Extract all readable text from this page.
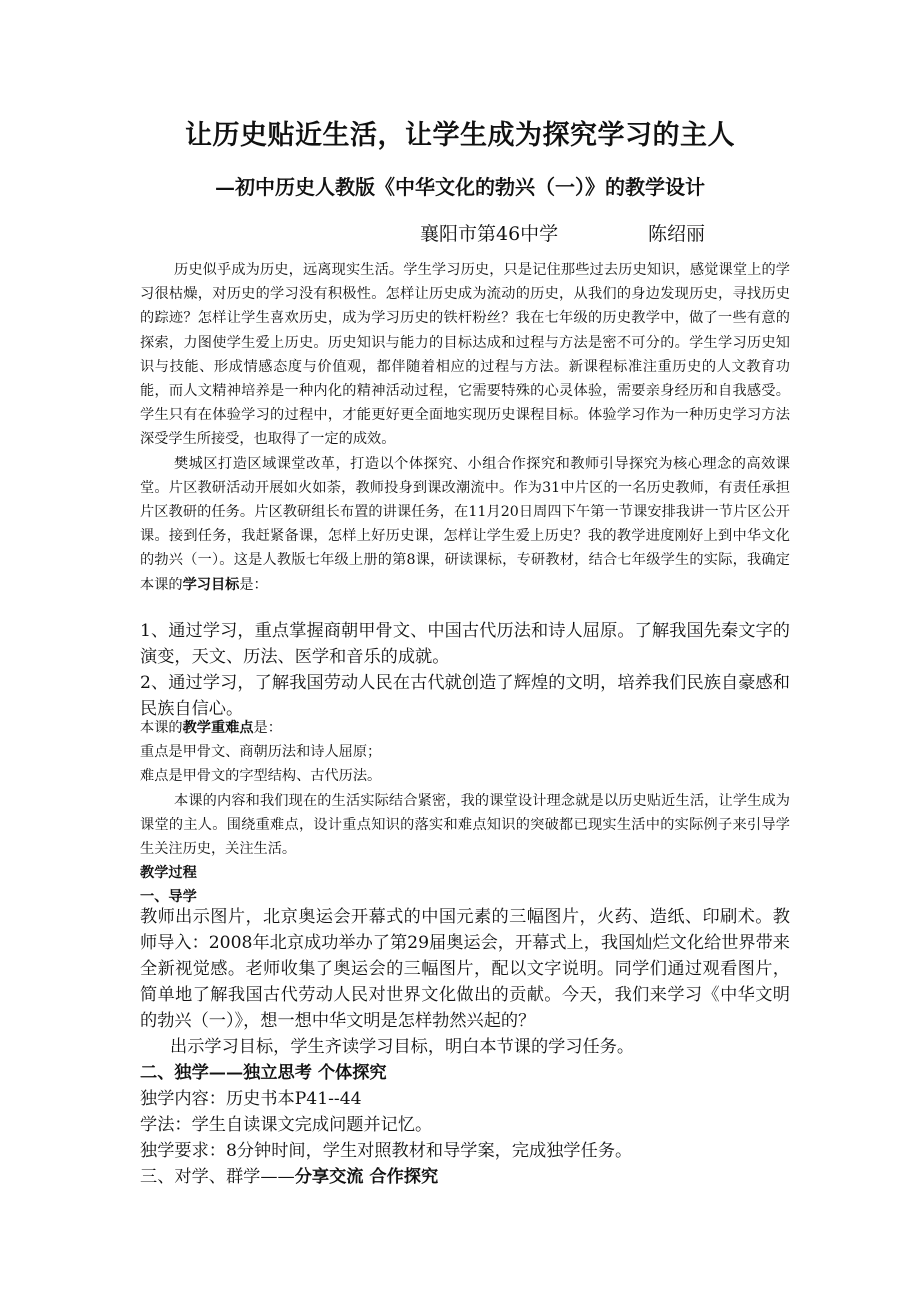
让历史贴近生活，让学生成为探究学习的主人
—初中历史人教版《中华文化的勃兴（一）》的教学设计
襄阳市第46中学	陈绍丽

历史似乎成为历史，远离现实生活。学生学习历史，只是记住那些过去历史知识，感觉课堂上的学习很枯燥，对历史的学习没有积极性。怎样让历史成为流动的历史，从我们的身边发现历史，寻找历史的踪迹？怎样让学生喜欢历史，成为学习历史的铁杆粉丝？我在七年级的历史教学中，做了一些有意的探索，力图使学生爱上历史。历史知识与能力的目标达成和过程与方法是密不可分的。学生学习历史知识与技能、形成情感态度与价值观，都伴随着相应的过程与方法。新课程标准注重历史的人文教育功能，而人文精神培养是一种内化的精神活动过程，它需要特殊的心灵体验，需要亲身经历和自我感受。学生只有在体验学习的过程中，才能更好更全面地实现历史课程目标。体验学习作为一种历史学习方法深受学生所接受，也取得了一定的成效。

樊城区打造区域课堂改革，打造以个体探究、小组合作探究和教师引导探究为核心理念的高效课堂。片区教研活动开展如火如荼，教师投身到课改潮流中。作为31中片区的一名历史教师，有责任承担片区教研的任务。片区教研组长布置的讲课任务，在11月20日周四下午第一节课安排我讲一节片区公开课。接到任务，我赶紧备课，怎样上好历史课，怎样让学生爱上历史？我的教学进度刚好上到中华文化的勃兴（一）。这是人教版七年级上册的第8课，研读课标，专研教材，结合七年级学生的实际，我确定本课的学习目标是：

1、通过学习，重点掌握商朝甲骨文、中国古代历法和诗人屈原。了解我国先秦文字的演变，天文、历法、医学和音乐的成就。

2、通过学习，了解我国劳动人民在古代就创造了辉煌的文明，培养我们民族自豪感和民族自信心。

本课的教学重难点是：

重点是甲骨文、商朝历法和诗人屈原；

难点是甲骨文的字型结构、古代历法。

本课的内容和我们现在的生活实际结合紧密，我的课堂设计理念就是以历史贴近生活，让学生成为课堂的主人。围绕重难点，设计重点知识的落实和难点知识的突破都已现实生活中的实际例子来引导学生关注历史，关注生活。

教学过程

一、导学

教师出示图片，北京奥运会开幕式的中国元素的三幅图片，火药、造纸、印刷术。教师导入：2008年北京成功举办了第29届奥运会，开幕式上，我国灿烂文化给世界带来全新视觉感。老师收集了奥运会的三幅图片，配以文字说明。同学们通过观看图片，简单地了解我国古代劳动人民对世界文化做出的贡献。今天，我们来学习《中华文明的勃兴（一）》，想一想中华文明是怎样勃然兴起的？

出示学习目标，学生齐读学习目标，明白本节课的学习任务。

二、独学——独立思考 个体探究

独学内容：历史书本P41--44

学法：学生自读课文完成问题并记忆。

独学要求：8分钟时间，学生对照教材和导学案，完成独学任务。

三、对学、群学——分享交流 合作探究
